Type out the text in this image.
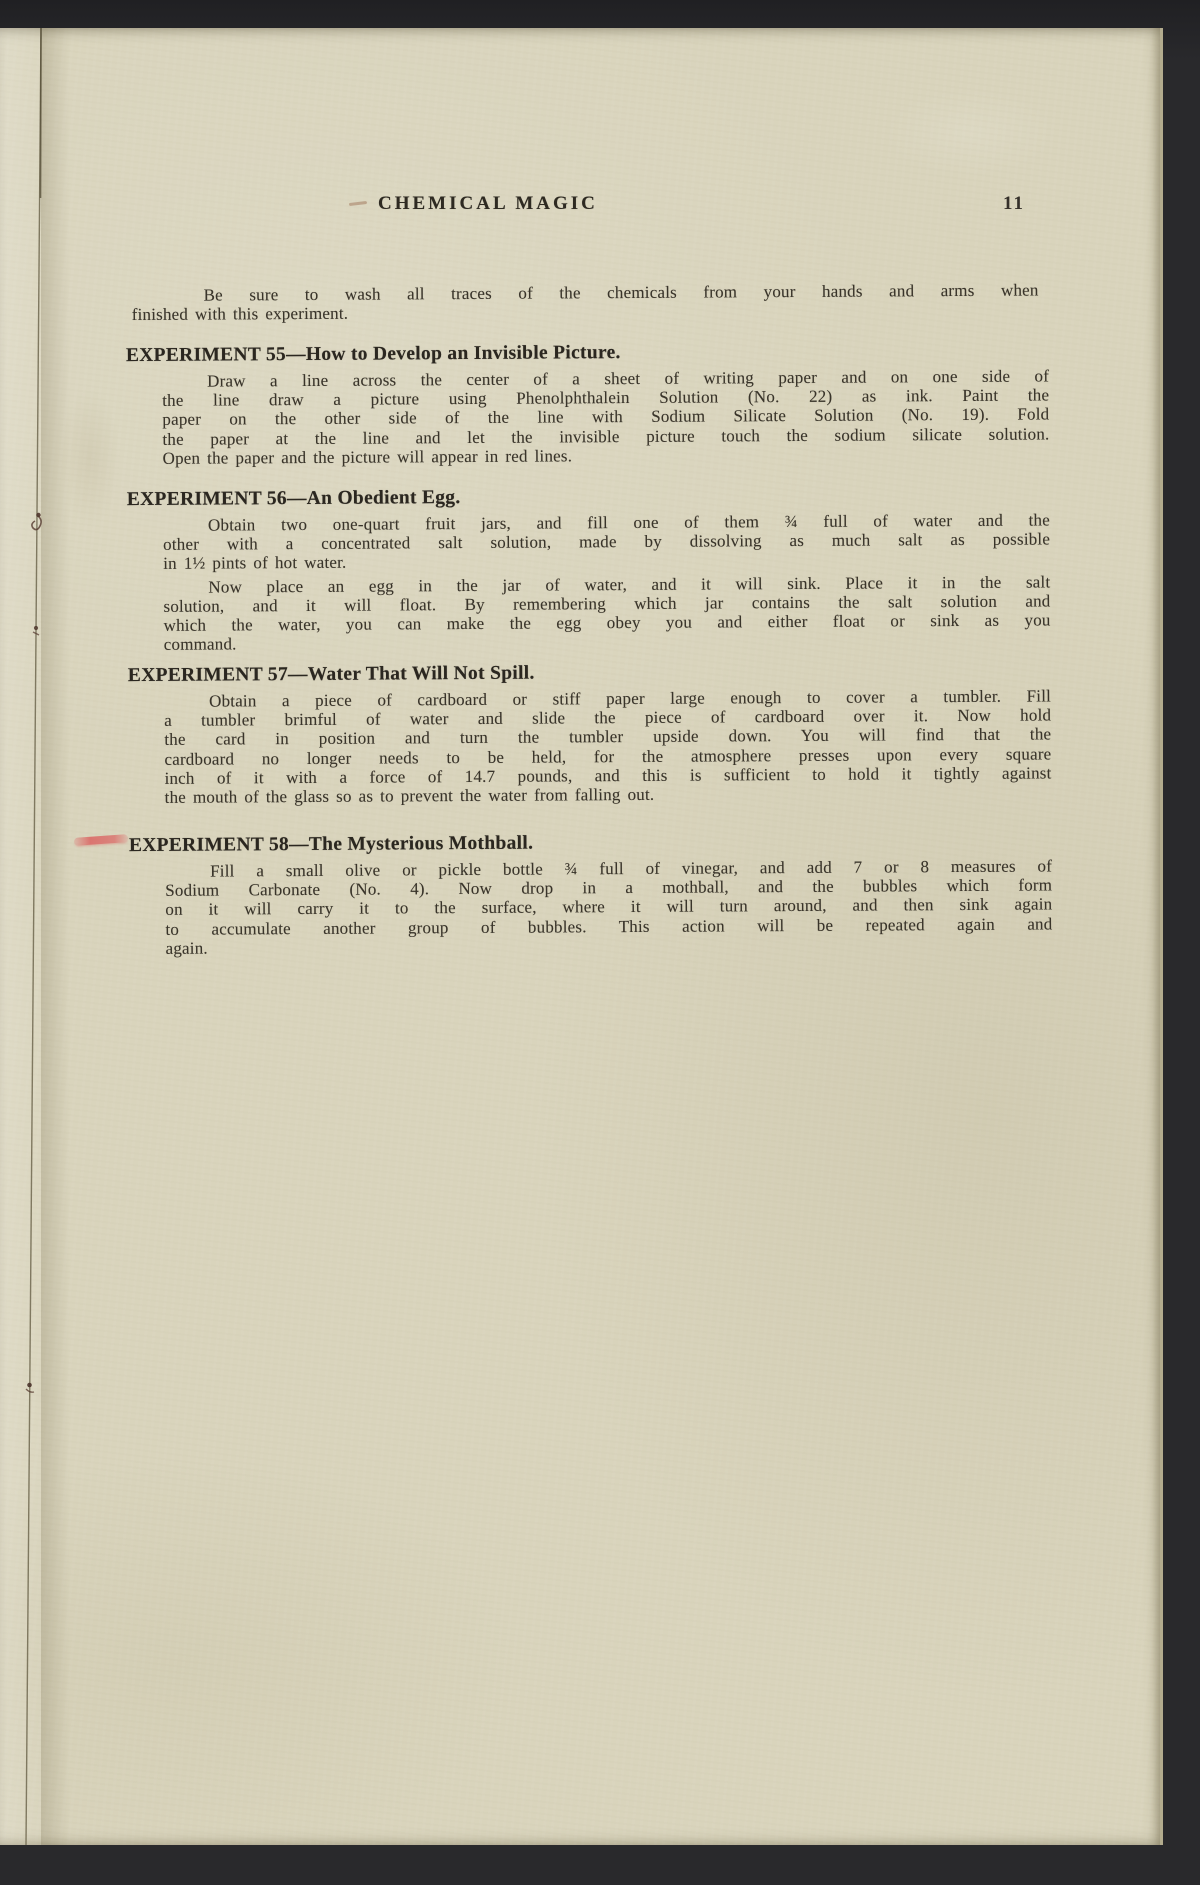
CHEMICAL MAGIC	11
Be sure to wash all traces of the chemicals from your hands and arms when
finished with this experiment.
EXPERIMENT 55—How to Develop an Invisible Picture.
Draw a line across the center of a sheet of writing paper and on one side of
the line draw a picture using Phenolphthalein Solution (No. 22) as ink. Paint the
paper on the other side of the line with Sodium Silicate Solution (No. 19). Fold
the paper at the line and let the invisible picture touch the sodium silicate solution.
Open the paper and the picture will appear in red lines.
EXPERIMENT 56—An Obedient Egg.
Obtain two one-quart fruit jars, and fill one of them ¾ full of water and the
other with a concentrated salt solution, made by dissolving as much salt as possible
in 1½ pints of hot water.
Now place an egg in the jar of water, and it will sink. Place it in the salt
solution, and it will float. By remembering which jar contains the salt solution and
which the water, you can make the egg obey you and either float or sink as you
command.
EXPERIMENT 57—Water That Will Not Spill.
Obtain a piece of cardboard or stiff paper large enough to cover a tumbler. Fill
a tumbler brimful of water and slide the piece of cardboard over it. Now hold
the card in position and turn the tumbler upside down. You will find that the
cardboard no longer needs to be held, for the atmosphere presses upon every square
inch of it with a force of 14.7 pounds, and this is sufficient to hold it tightly against
the mouth of the glass so as to prevent the water from falling out.
EXPERIMENT 58—The Mysterious Mothball.
Fill a small olive or pickle bottle ¾ full of vinegar, and add 7 or 8 measures of
Sodium Carbonate (No. 4). Now drop in a mothball, and the bubbles which form
on it will carry it to the surface, where it will turn around, and then sink again
to accumulate another group of bubbles. This action will be repeated again and
again.
